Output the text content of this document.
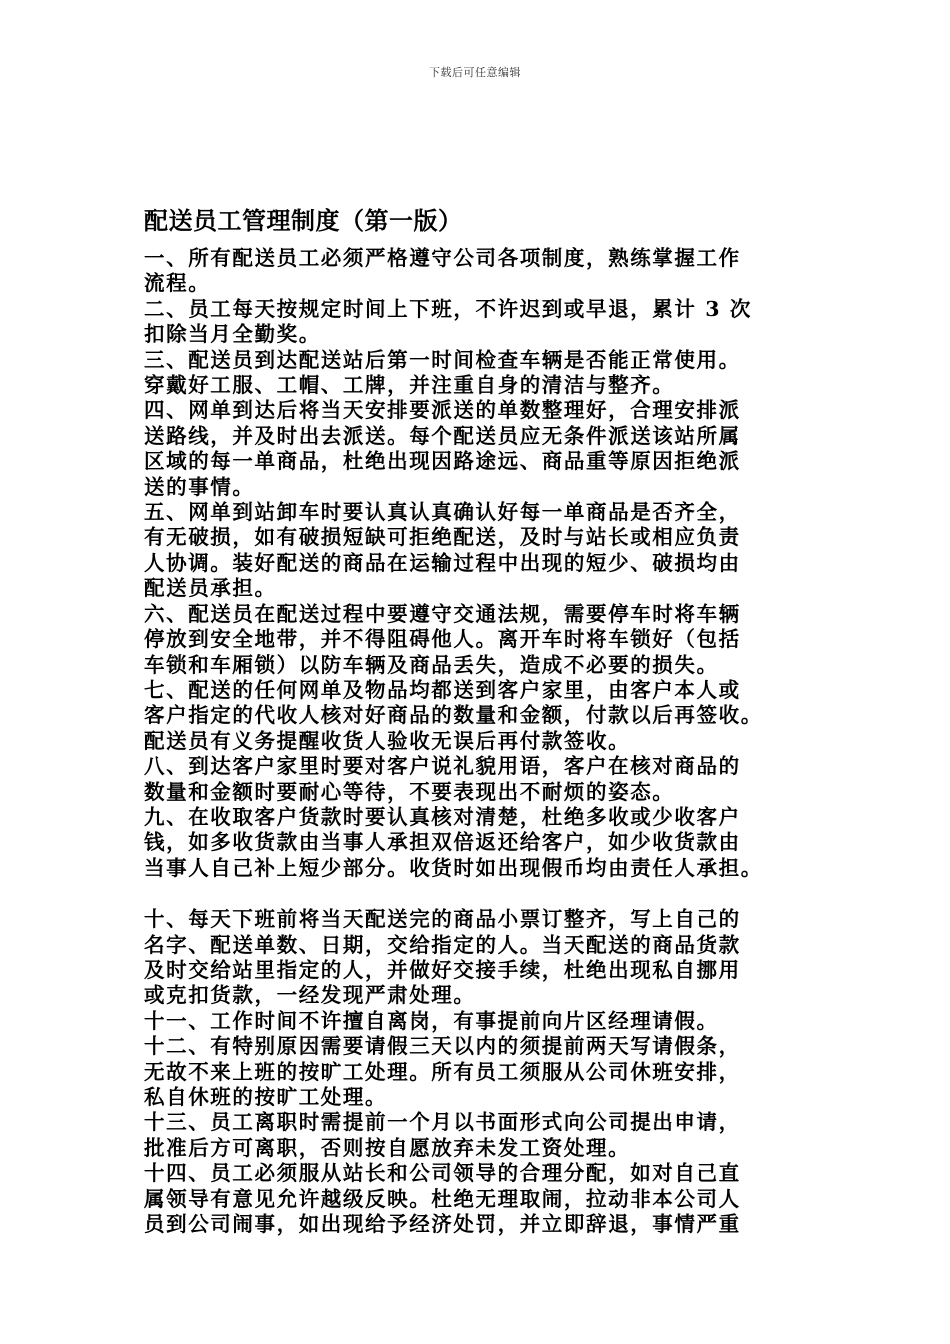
下载后可任意编辑
配送员工管理制度（第一版）

一、所有配送员工必须严格遵守公司各项制度，熟练掌握工作
流程。

二、员工每天按规定时间上下班，不许迟到或早退，累计 3 次
扣除当月全勤奖。

三、配送员到达配送站后第一时间检查车辆是否能正常使用。
穿戴好工服、工帽、工牌，并注重自身的清洁与整齐。

四、网单到达后将当天安排要派送的单数整理好，合理安排派
送路线，并及时出去派送。每个配送员应无条件派送该站所属
区域的每一单商品，杜绝出现因路途远、商品重等原因拒绝派
送的事情。

五、网单到站卸车时要认真认真确认好每一单商品是否齐全，
有无破损，如有破损短缺可拒绝配送，及时与站长或相应负责
人协调。装好配送的商品在运输过程中出现的短少、破损均由
配送员承担。

六、配送员在配送过程中要遵守交通法规，需要停车时将车辆
停放到安全地带，并不得阻碍他人。离开车时将车锁好（包括
车锁和车厢锁）以防车辆及商品丢失，造成不必要的损失。

七、配送的任何网单及物品均都送到客户家里，由客户本人或
客户指定的代收人核对好商品的数量和金额，付款以后再签收。
配送员有义务提醒收货人验收无误后再付款签收。

八、到达客户家里时要对客户说礼貌用语，客户在核对商品的
数量和金额时要耐心等待，不要表现出不耐烦的姿态。

九、在收取客户货款时要认真核对清楚，杜绝多收或少收客户
钱，如多收货款由当事人承担双倍返还给客户，如少收货款由
当事人自己补上短少部分。收货时如出现假币均由责任人承担。

十、每天下班前将当天配送完的商品小票订整齐，写上自己的
名字、配送单数、日期，交给指定的人。当天配送的商品货款
及时交给站里指定的人，并做好交接手续，杜绝出现私自挪用
或克扣货款，一经发现严肃处理。

十一、工作时间不许擅自离岗，有事提前向片区经理请假。

十二、有特别原因需要请假三天以内的须提前两天写请假条，
无故不来上班的按旷工处理。所有员工须服从公司休班安排，
私自休班的按旷工处理。

十三、员工离职时需提前一个月以书面形式向公司提出申请，
批准后方可离职，否则按自愿放弃未发工资处理。

十四、员工必须服从站长和公司领导的合理分配，如对自己直
属领导有意见允许越级反映。杜绝无理取闹，拉动非本公司人
员到公司闹事，如出现给予经济处罚，并立即辞退，事情严重
